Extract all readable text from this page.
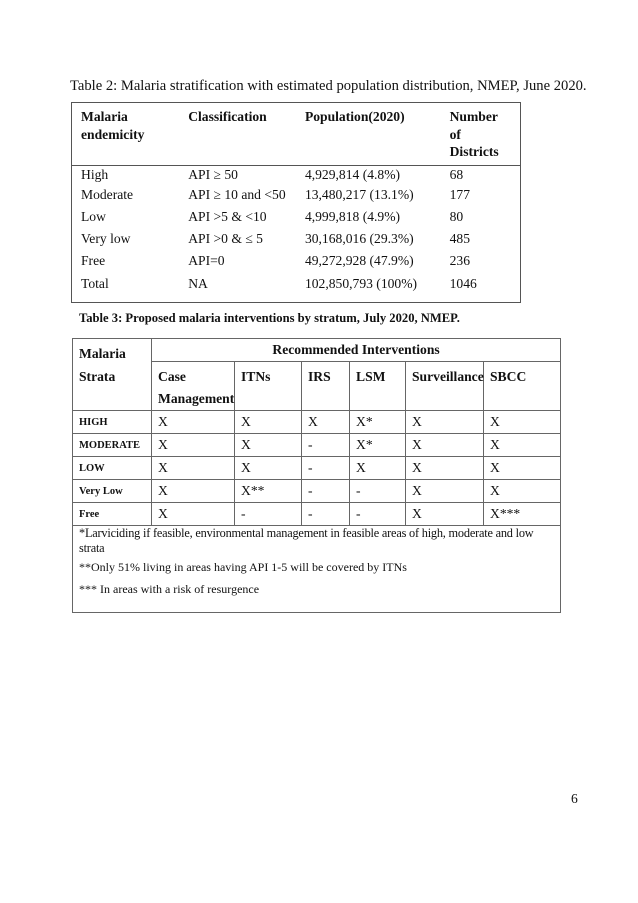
Table 2: Malaria stratification with estimated population distribution, NMEP, June 2020.
Malaria endemicity	Classification	Population(2020)	Number of Districts
High	API ≥ 50	4,929,814 (4.8%)	68
Moderate	API ≥ 10 and <50	13,480,217 (13.1%)	177
Low	API >5 & <10	4,999,818 (4.9%)	80
Very low	API >0 & ≤ 5	30,168,016 (29.3%)	485
Free	API=0	49,272,928 (47.9%)	236
Total	NA	102,850,793 (100%)	1046
Table 3: Proposed malaria interventions by stratum, July 2020, NMEP.
Malaria
Strata	Recommended Interventions					
	Case Management	ITNs	IRS	LSM	Surveillance	SBCC
HIGH	X	X	X	X*	X	X
MODERATE	X	X	-	X*	X	X
LOW	X	X	-	X	X	X
Very Low	X	X**	-	-	X	X
Free	X	-	-	-	X	X***
*Larviciding if feasible, environmental management in feasible areas of high, moderate and low strata						
**Only 51% living in areas having API 1-5 will be covered by ITNs						
*** In areas with a risk of resurgence						
6
